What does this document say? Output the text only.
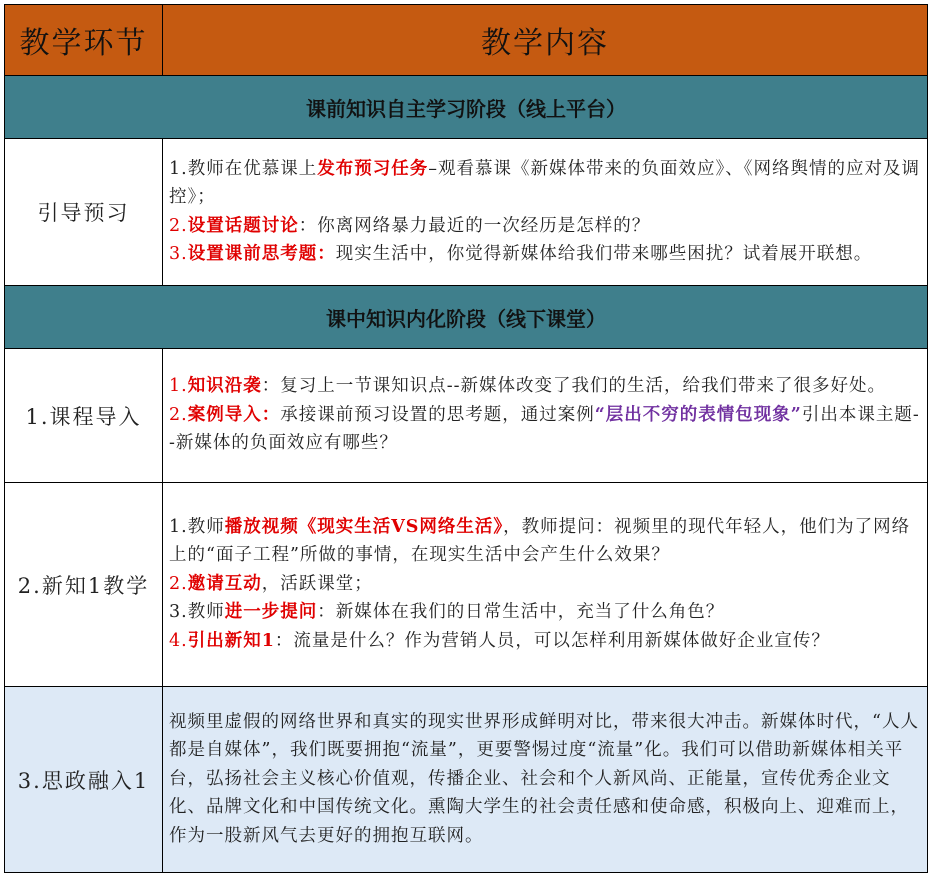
教学环节	教学内容
课前知识自主学习阶段（线上平台）	
引导预习	1.教师在优慕课上发布预习任务–观看慕课《新媒体带来的负面效应》、《网络舆情的应对及调控》；

2.设置话题讨论：你离网络暴力最近的一次经历是怎样的？

3.设置课前思考题：现实生活中，你觉得新媒体给我们带来哪些困扰？试着展开联想。

课中知识内化阶段（线下课堂）	
1.课程导入	1.知识沿袭：复习上一节课知识点--新媒体改变了我们的生活，给我们带来了很多好处。

2.案例导入：承接课前预习设置的思考题，通过案例“层出不穷的表情包现象”引出本课主题--新媒体的负面效应有哪些？

2.新知1教学	1.教师播放视频《现实生活VS网络生活》，教师提问：视频里的现代年轻人，他们为了网络上的“面子工程”所做的事情，在现实生活中会产生什么效果？

2.邀请互动，活跃课堂；

3.教师进一步提问：新媒体在我们的日常生活中，充当了什么角色？

4.引出新知1：流量是什么？作为营销人员，可以怎样利用新媒体做好企业宣传？

3.思政融入1	视频里虚假的网络世界和真实的现实世界形成鲜明对比，带来很大冲击。新媒体时代，“人人都是自媒体”，我们既要拥抱“流量”，更要警惕过度“流量”化。我们可以借助新媒体相关平台，弘扬社会主义核心价值观，传播企业、社会和个人新风尚、正能量，宣传优秀企业文化、品牌文化和中国传统文化。熏陶大学生的社会责任感和使命感，积极向上、迎难而上，作为一股新风气去更好的拥抱互联网。
